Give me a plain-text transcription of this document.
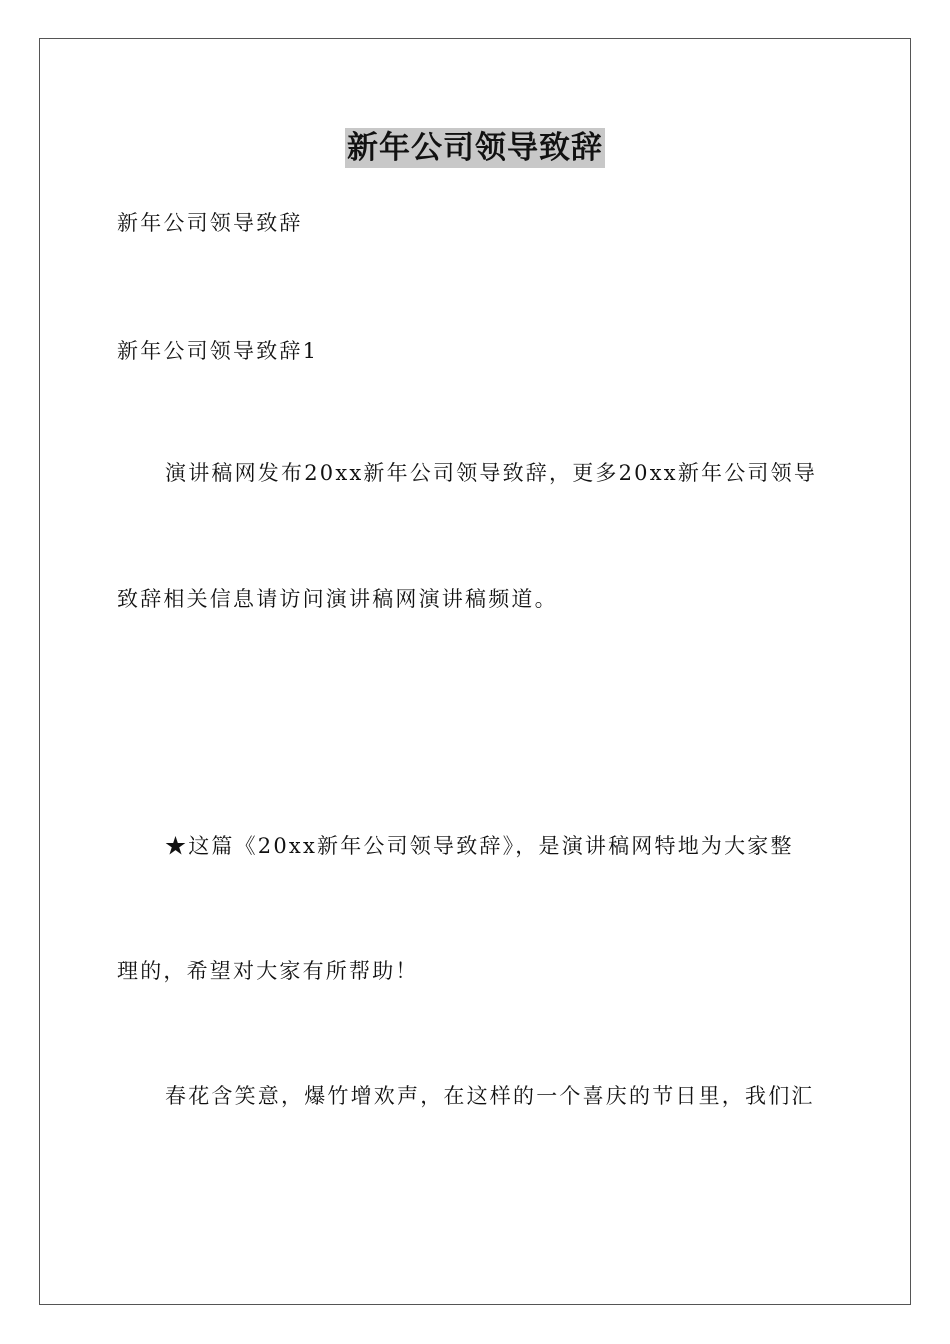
新年公司领导致辞
新年公司领导致辞
新年公司领导致辞1
演讲稿网发布20xx新年公司领导致辞，更多20xx新年公司领导
致辞相关信息请访问演讲稿网演讲稿频道。
★这篇《20xx新年公司领导致辞》，是演讲稿网特地为大家整
理的，希望对大家有所帮助！
春花含笑意，爆竹增欢声，在这样的一个喜庆的节日里，我们汇
